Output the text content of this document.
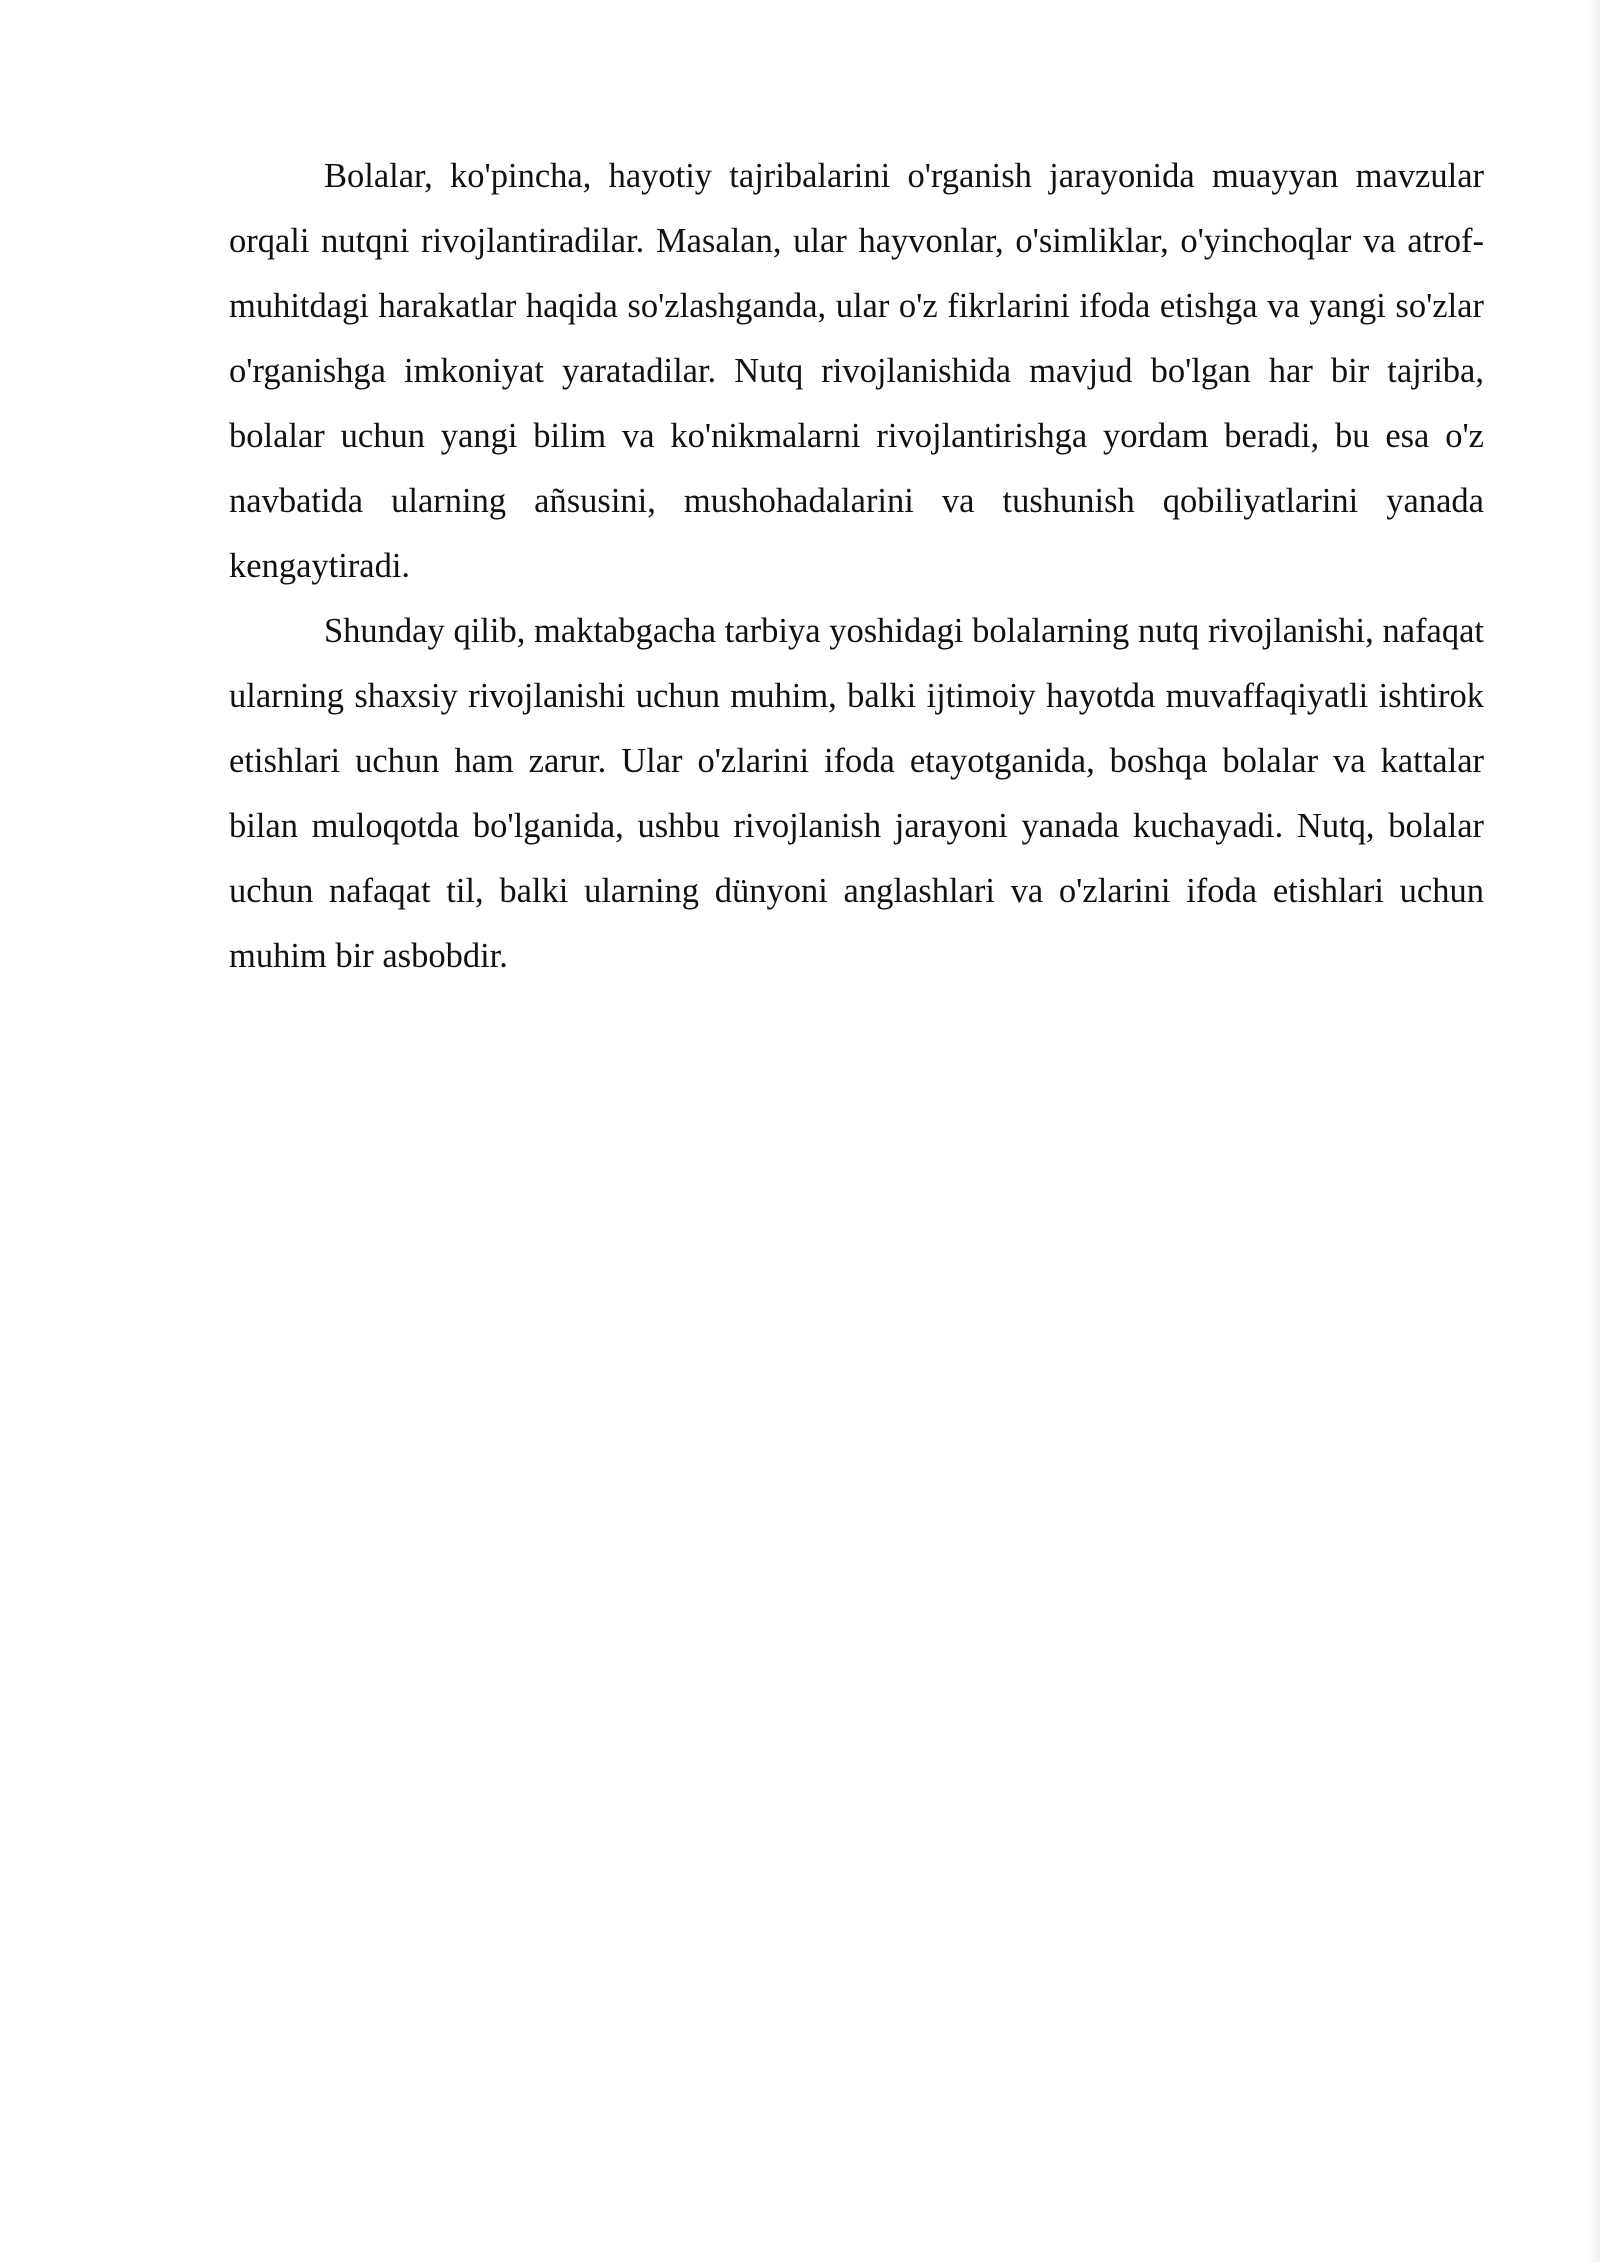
Bolalar, ko'pincha, hayotiy tajribalarini o'rganish jarayonida muayyan mavzular orqali nutqni rivojlantiradilar. Masalan, ular hayvonlar, o'simliklar, o'yinchoqlar va atrof-muhitdagi harakatlar haqida so'zlashganda, ular o'z fikrlarini ifoda etishga va yangi so'zlar o'rganishga imkoniyat yaratadilar. Nutq rivojlanishida mavjud bo'lgan har bir tajriba, bolalar uchun yangi bilim va ko'nikmalarni rivojlantirishga yordam beradi, bu esa o'z navbatida ularning añsusini, mushohadalarini va tushunish qobiliyatlarini yanada kengaytiradi.

Shunday qilib, maktabgacha tarbiya yoshidagi bolalarning nutq rivojlanishi, nafaqat ularning shaxsiy rivojlanishi uchun muhim, balki ijtimoiy hayotda muvaffaqiyatli ishtirok etishlari uchun ham zarur. Ular o'zlarini ifoda etayotganida, boshqa bolalar va kattalar bilan muloqotda bo'lganida, ushbu rivojlanish jarayoni yanada kuchayadi. Nutq, bolalar uchun nafaqat til, balki ularning dünyoni anglashlari va o'zlarini ifoda etishlari uchun muhim bir asbobdir.
